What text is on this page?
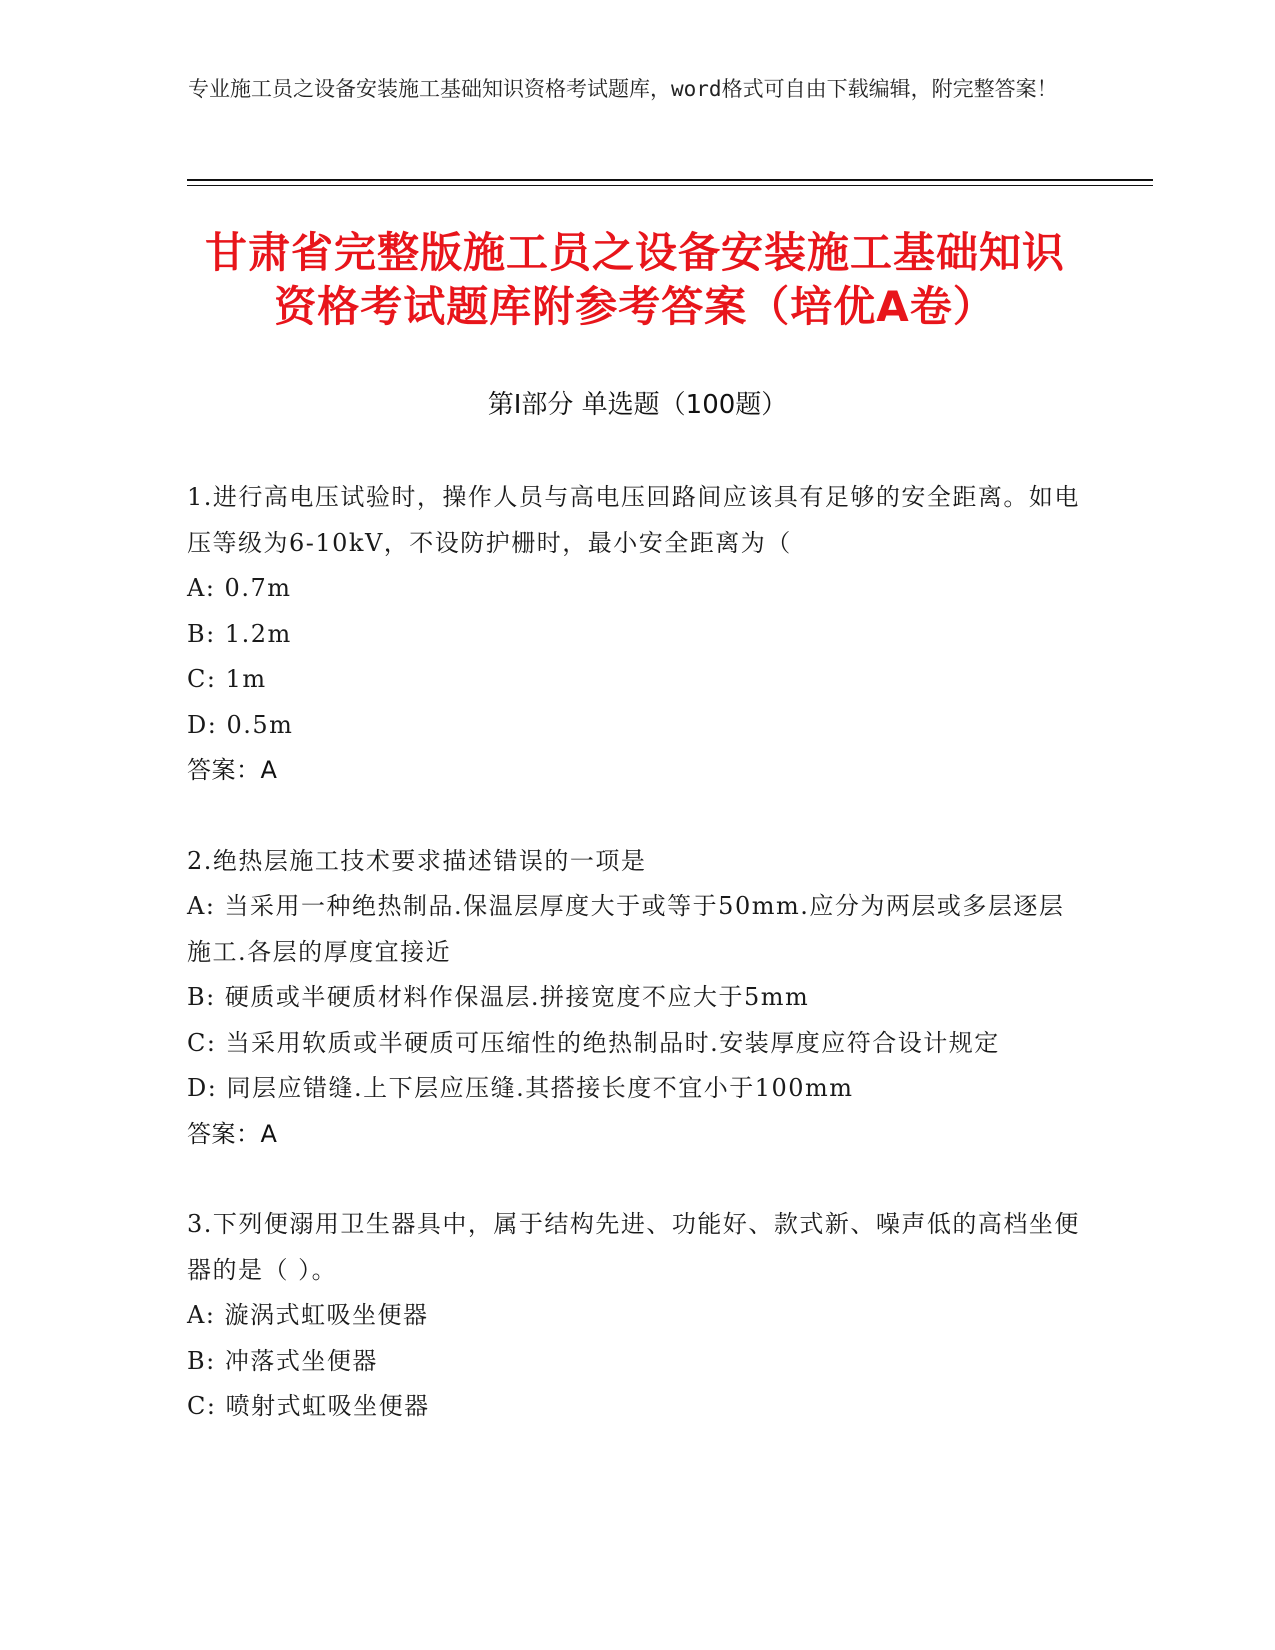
专业施工员之设备安装施工基础知识资格考试题库，word格式可自由下载编辑，附完整答案！
甘肃省完整版施工员之设备安装施工基础知识资格考试题库附参考答案（培优A卷）
第Ⅰ部分 单选题（100题）

1.进行高电压试验时，操作人员与高电压回路间应该具有足够的安全距离。如电压等级为6-10kV，不设防护栅时，最小安全距离为（

A: 0.7m

B: 1.2m

C: 1m

D: 0.5m

答案：A

2.绝热层施工技术要求描述错误的一项是

A: 当采用一种绝热制品.保温层厚度大于或等于50mm.应分为两层或多层逐层施工.各层的厚度宜接近

B: 硬质或半硬质材料作保温层.拼接宽度不应大于5mm

C: 当采用软质或半硬质可压缩性的绝热制品时.安装厚度应符合设计规定

D: 同层应错缝.上下层应压缝.其搭接长度不宜小于100mm

答案：A

3.下列便溺用卫生器具中，属于结构先进、功能好、款式新、噪声低的高档坐便器的是（ ）。

A: 漩涡式虹吸坐便器

B: 冲落式坐便器

C: 喷射式虹吸坐便器
